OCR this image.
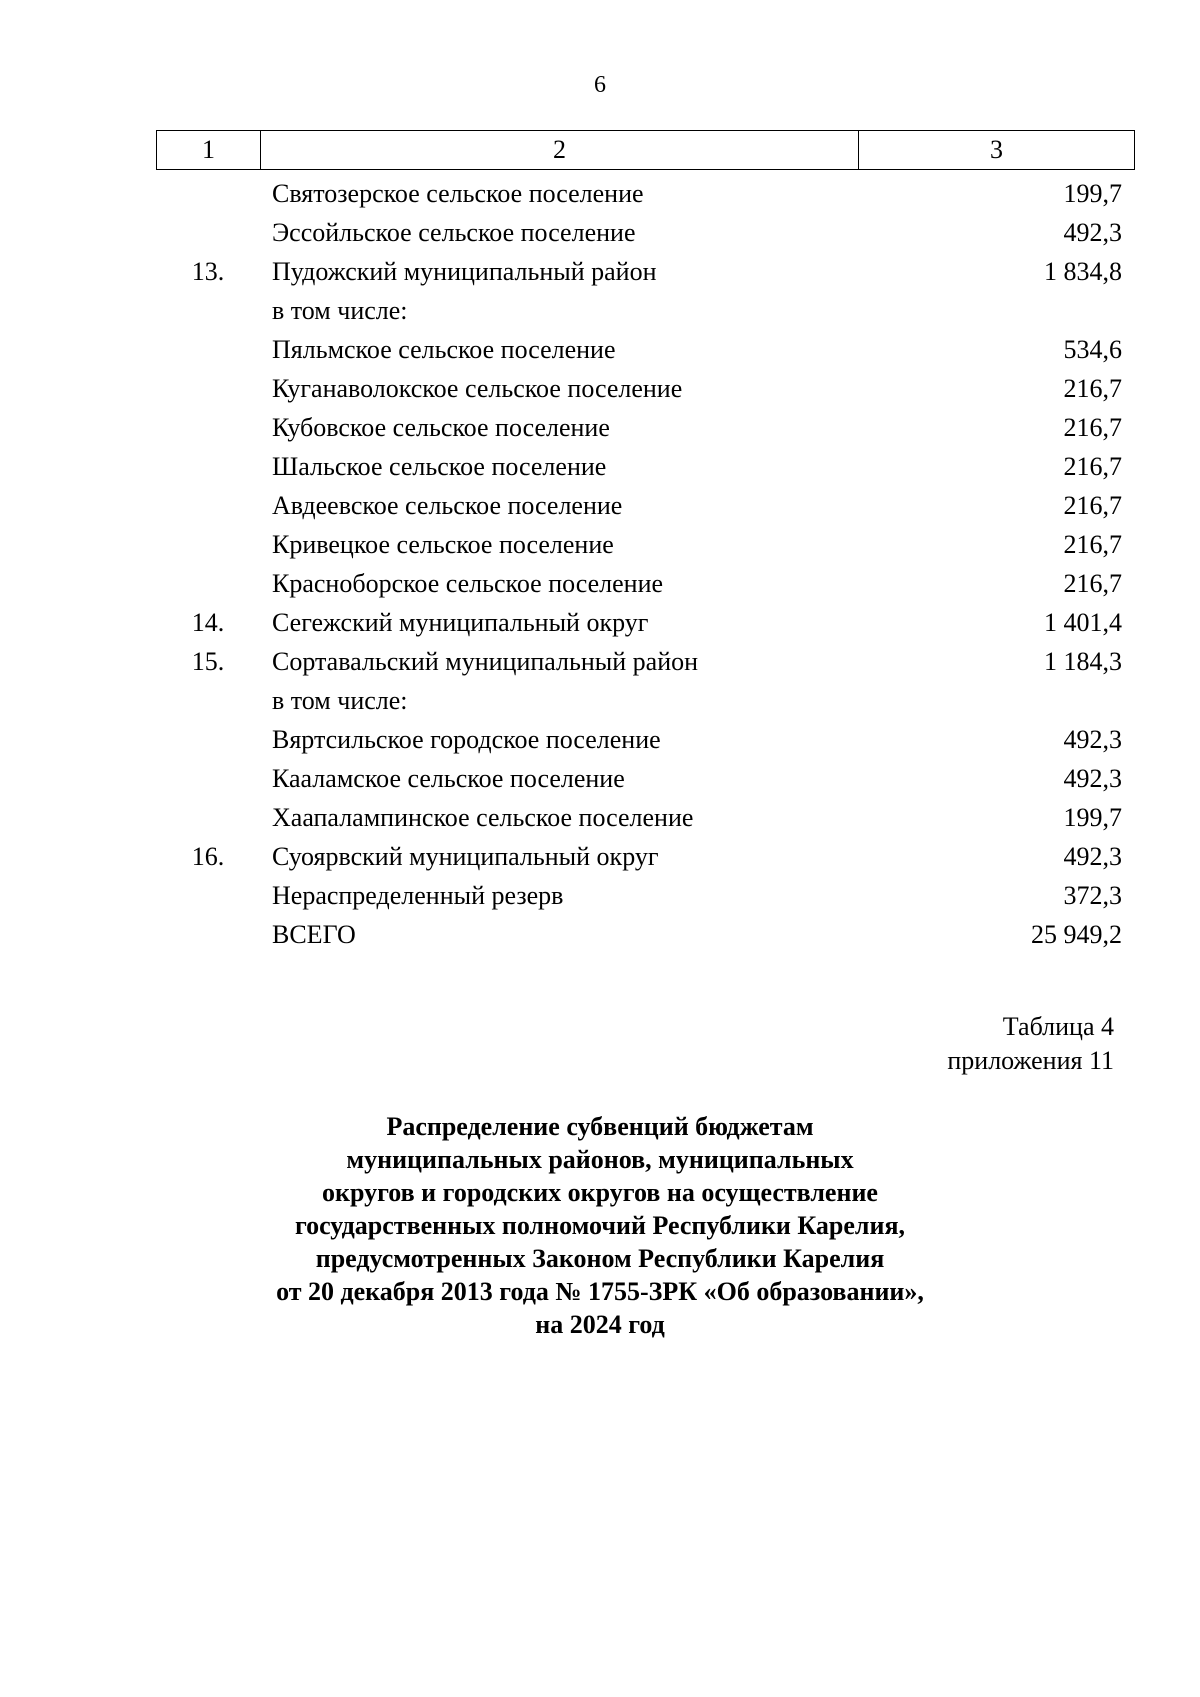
6
1	2	3
Святозерское сельское поселение	199,7
Эссойльское сельское поселение	492,3
13.	Пудожский муниципальный район	1 834,8
в том числе:
Пяльмское сельское поселение	534,6
Куганаволокское сельское поселение	216,7
Кубовское сельское поселение	216,7
Шальское сельское поселение	216,7
Авдеевское сельское поселение	216,7
Кривецкое сельское поселение	216,7
Красноборское сельское поселение	216,7
14.	Сегежский муниципальный округ	1 401,4
15.	Сортавальский муниципальный район	1 184,3
в том числе:
Вяртсильское городское поселение	492,3
Кааламское сельское поселение	492,3
Хаапалампинское сельское поселение	199,7
16.	Суоярвский муниципальный округ	492,3
Нераспределенный резерв	372,3
ВСЕГО	25 949,2
Таблица 4
приложения 11
Распределение субвенций бюджетам
муниципальных районов, муниципальных
округов и городских округов на осуществление
государственных полномочий Республики Карелия,
предусмотренных Законом Республики Карелия
от 20 декабря 2013 года № 1755-ЗРК «Об образовании»,
на 2024 год
